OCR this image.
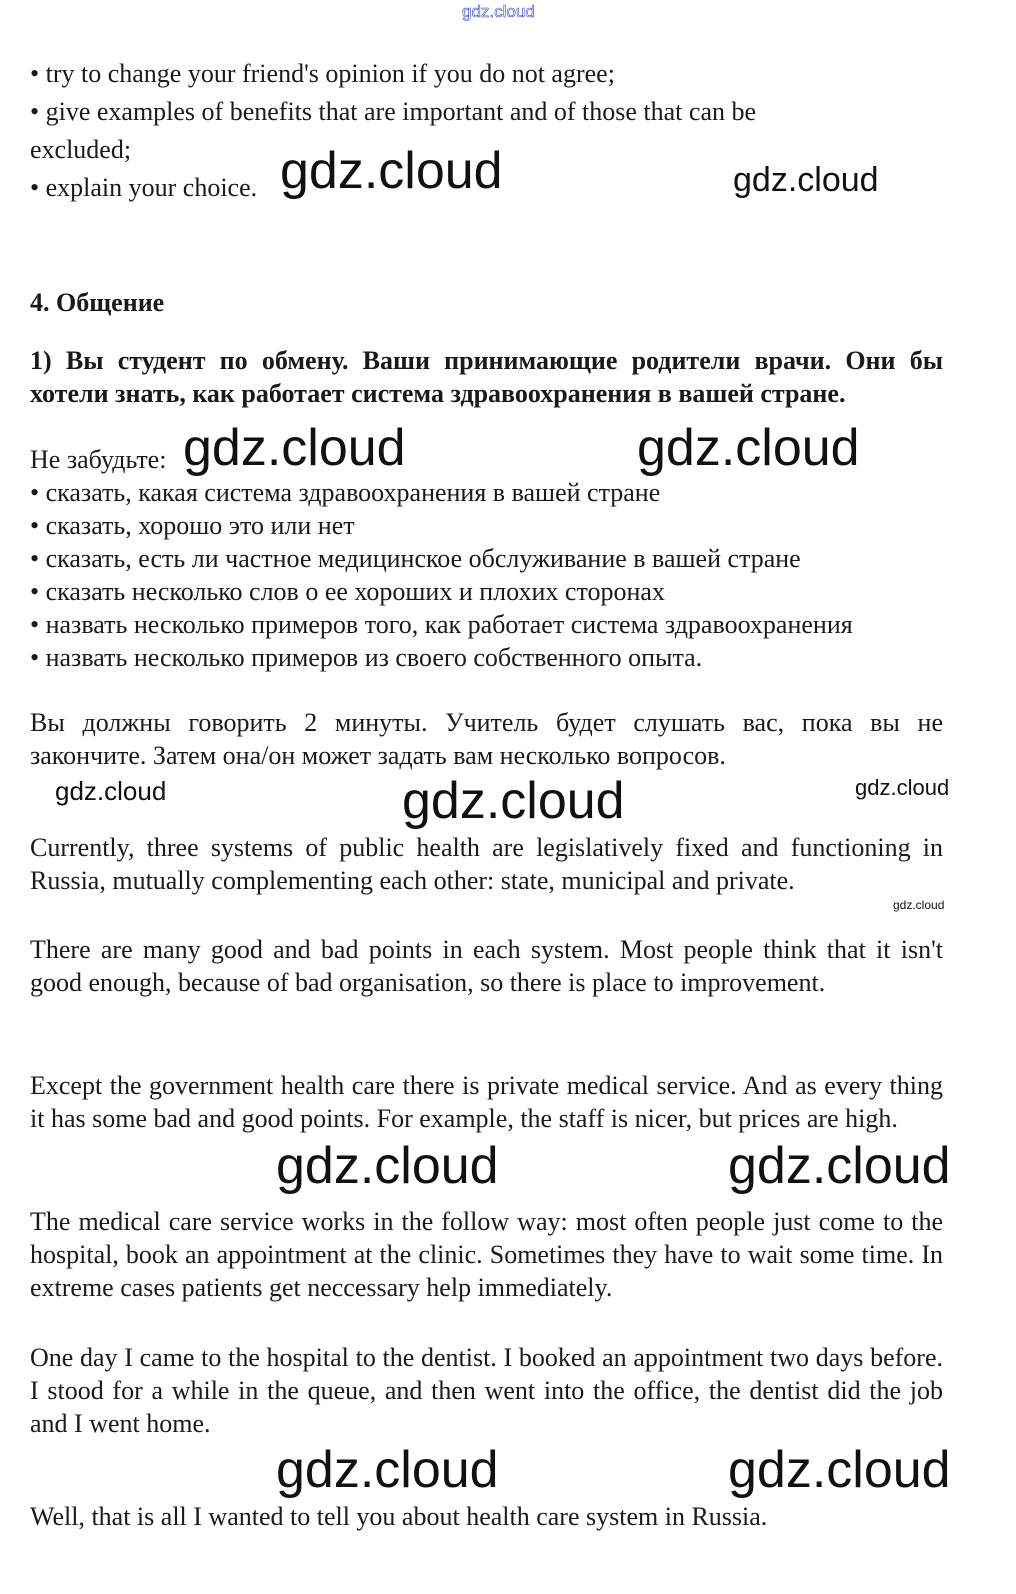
gdz.cloud
• try to change your friend's opinion if you do not agree;
• give examples of benefits that are important and of those that can be excluded;
• explain your choice.
4. Общение
1) Вы студент по обмену. Ваши принимающие родители врачи. Они бы хотели знать, как работает система здравоохранения в вашей стране.
Не забудьте:
• сказать, какая система здравоохранения в вашей стране
• сказать, хорошо это или нет
• сказать, есть ли частное медицинское обслуживание в вашей стране
• сказать несколько слов о ее хороших и плохих сторонах
• назвать несколько примеров того, как работает система здравоохранения
• назвать несколько примеров из своего собственного опыта.
Вы должны говорить 2 минуты. Учитель будет слушать вас, пока вы не закончите. Затем она/он может задать вам несколько вопросов.
Currently, three systems of public health are legislatively fixed and functioning in Russia, mutually complementing each other: state, municipal and private.
There are many good and bad points in each system. Most people think that it isn't good enough, because of bad organisation, so there is place to improvement.
Except the government health care there is private medical service. And as every thing it has some bad and good points. For example, the staff is nicer, but prices are high.
The medical care service works in the follow way: most often people just come to the hospital, book an appointment at the clinic. Sometimes they have to wait some time. In extreme cases patients get neccessary help immediately.
One day I came to the hospital to the dentist. I booked an appointment two days before. I stood for a while in the queue, and then went into the office, the dentist did the job and I went home.
Well, that is all I wanted to tell you about health care system in Russia.
gdz.cloud	gdz.cloud
gdz.cloud	gdz.cloud
gdz.cloud
gdz.cloud	gdz.cloud
gdz.cloud
gdz.cloud	gdz.cloud
gdz.cloud	gdz.cloud
